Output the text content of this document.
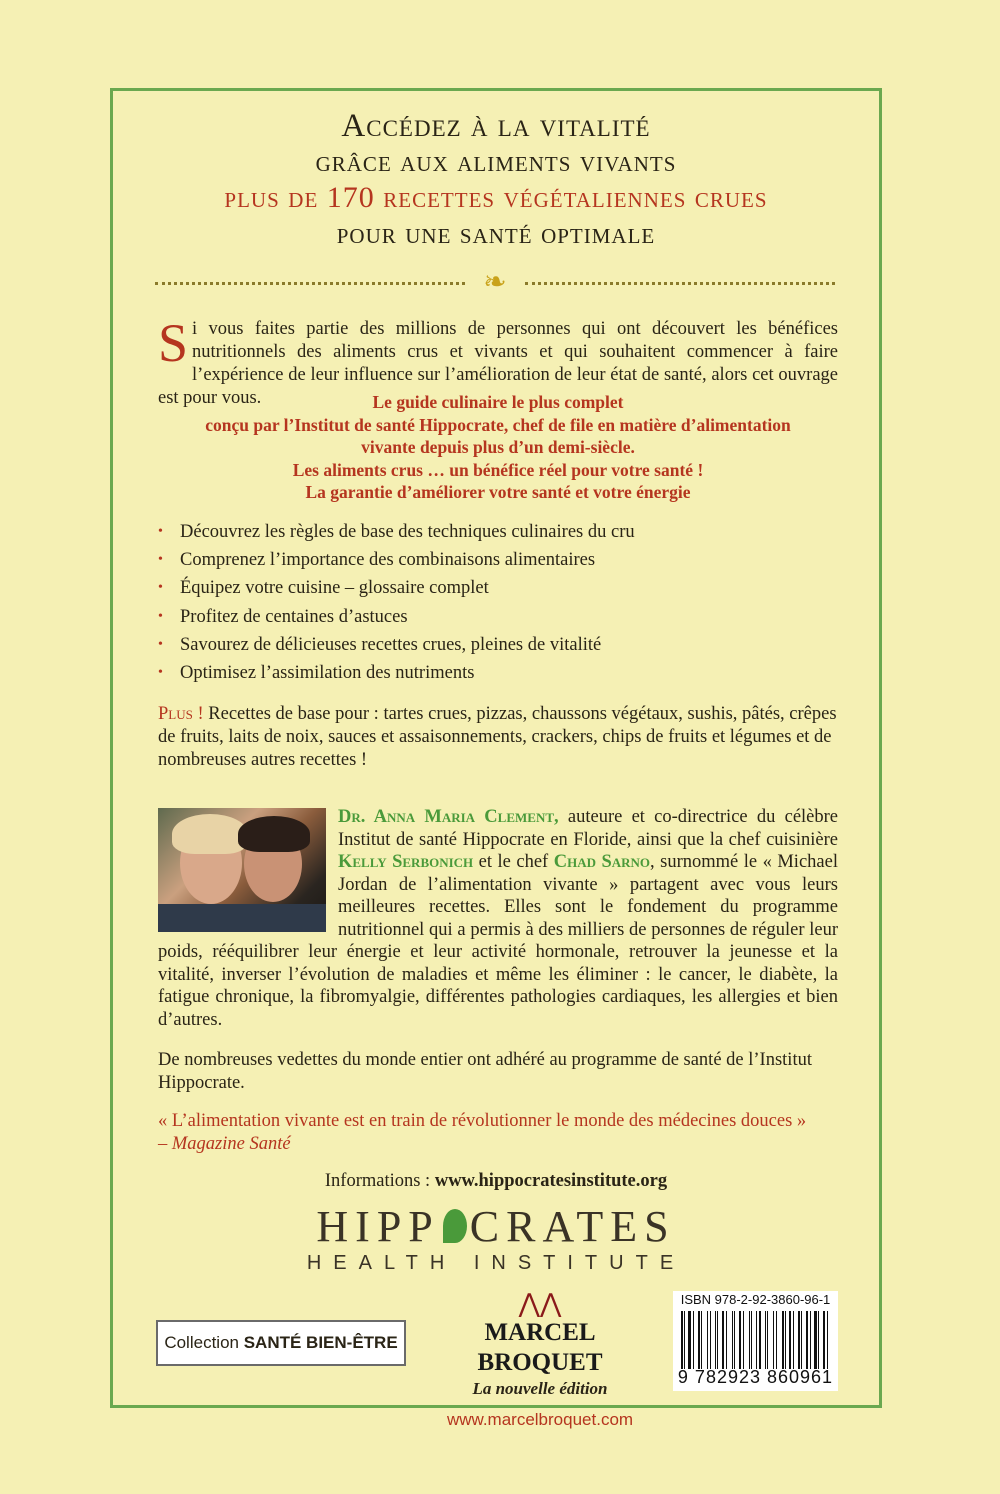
Accédez à la vitalité
grâce aux aliments vivants
plus de 170 recettes végétaliennes crues
pour une santé optimale
❧
Si vous faites partie des millions de personnes qui ont découvert les bénéfices nutritionnels des aliments crus et vivants et qui souhaitent commencer à faire l’expérience de leur influence sur l’amélioration de leur état de santé, alors cet ouvrage est pour vous.	Le guide culinaire le plus complet
conçu par l’Institut de santé Hippocrate, chef de file en matière d’alimentation
vivante depuis plus d’un demi-siècle.
Les aliments crus … un bénéfice réel pour votre santé !
La garantie d’améliorer votre santé et votre énergie
• Découvrez les règles de base des techniques culinaires du cru
• Comprenez l’importance des combinaisons alimentaires
• Équipez votre cuisine – glossaire complet
• Profitez de centaines d’astuces
• Savourez de délicieuses recettes crues, pleines de vitalité
• Optimisez l’assimilation des nutriments
Plus ! Recettes de base pour : tartes crues, pizzas, chaussons végétaux, sushis, pâtés, crêpes de fruits, laits de noix, sauces et assaisonnements, crackers, chips de fruits et légumes et de nombreuses autres recettes !
Dr. Anna Maria Clement, auteure et co-directrice du célèbre Institut de santé Hippocrate en Floride, ainsi que la chef cuisinière Kelly Serbonich et le chef Chad Sarno, surnommé le « Michael Jordan de l’alimentation vivante » partagent avec vous leurs meilleures recettes. Elles sont le fondement du programme nutritionnel qui a permis à des milliers de personnes de réguler leur poids, rééquilibrer leur énergie et leur activité hormonale, retrouver la jeunesse et la vitalité, inverser l’évolution de maladies et même les éliminer : le cancer, le diabète, la fatigue chronique, la fibromyalgie, différentes pathologies cardiaques, les allergies et bien d’autres.
De nombreuses vedettes du monde entier ont adhéré au programme de santé de l’Institut Hippocrate.
« L’alimentation vivante est en train de révolutionner le monde des médecines douces »
– Magazine Santé
Informations : www.hippocratesinstitute.org
HIPP CRATES
HEALTH INSTITUTE
Collection SANTÉ BIEN-ÊTRE
⋀⋀
MARCEL BROQUET
La nouvelle édition
www.marcelbroquet.com
ISBN 978-2-92-3860-96-1
9 782923 860961
